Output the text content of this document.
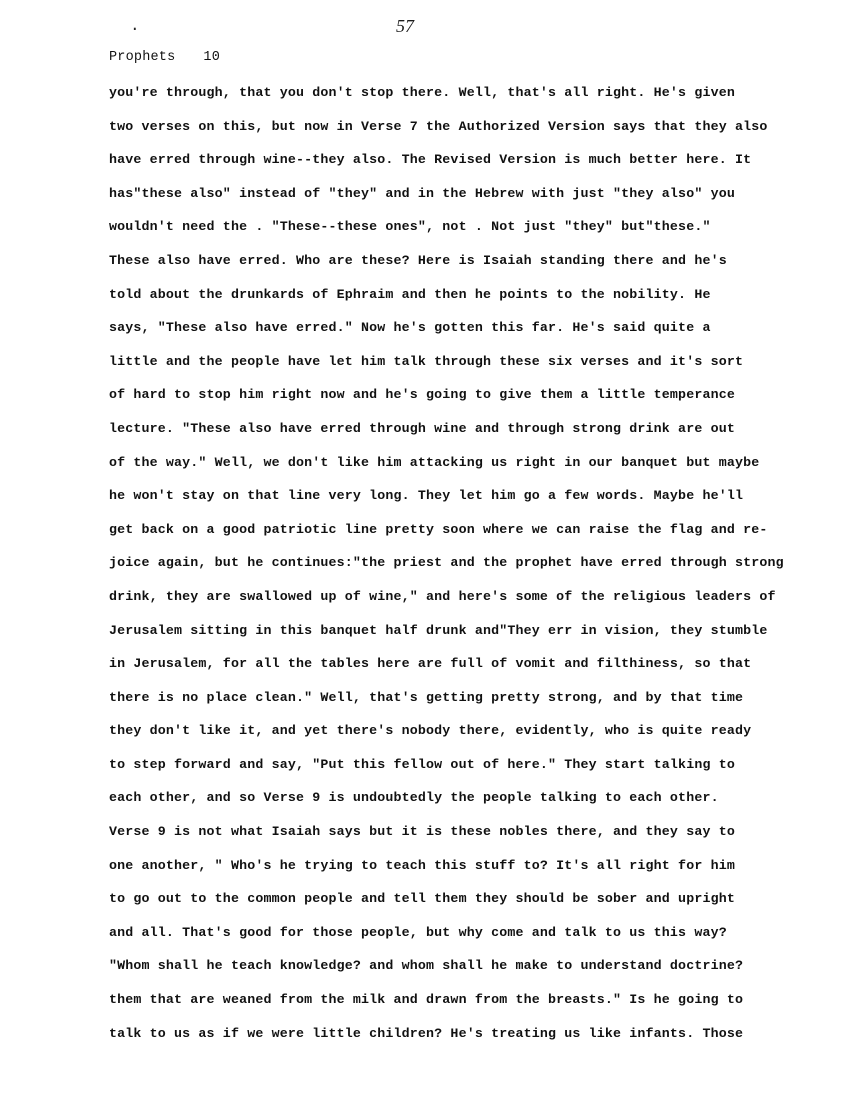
57
·
Prophets 10
you're through, that you don't stop there. Well, that's all right. He's given
two verses on this, but now in Verse 7 the Authorized Version says that they also
have erred through wine--they also. The Revised Version is much better here. It
has"these also" instead of "they" and in the Hebrew with just "they also" you
wouldn't need the . "These--these ones", not . Not just "they" but"these."
These also have erred. Who are these? Here is Isaiah standing there and he's
told about the drunkards of Ephraim and then he points to the nobility. He
says, "These also have erred." Now he's gotten this far. He's said quite a
little and the people have let him talk through these six verses and it's sort
of hard to stop him right now and he's going to give them a little temperance
lecture. "These also have erred through wine and through strong drink are out
of the way." Well, we don't like him attacking us right in our banquet but maybe
he won't stay on that line very long. They let him go a few words. Maybe he'll
get back on a good patriotic line pretty soon where we can raise the flag and re-
joice again, but he continues:"the priest and the prophet have erred through strong
drink, they are swallowed up of wine," and here's some of the religious leaders of
Jerusalem sitting in this banquet half drunk and"They err in vision, they stumble
in Jerusalem, for all the tables here are full of vomit and filthiness, so that
there is no place clean." Well, that's getting pretty strong, and by that time
they don't like it, and yet there's nobody there, evidently, who is quite ready
to step forward and say, "Put this fellow out of here." They start talking to
each other, and so Verse 9 is undoubtedly the people talking to each other.
Verse 9 is not what Isaiah says but it is these nobles there, and they say to
one another, " Who's he trying to teach this stuff to? It's all right for him
to go out to the common people and tell them they should be sober and upright
and all. That's good for those people, but why come and talk to us this way?
"Whom shall he teach knowledge? and whom shall he make to understand doctrine?
them that are weaned from the milk and drawn from the breasts." Is he going to
talk to us as if we were little children? He's treating us like infants. Those
